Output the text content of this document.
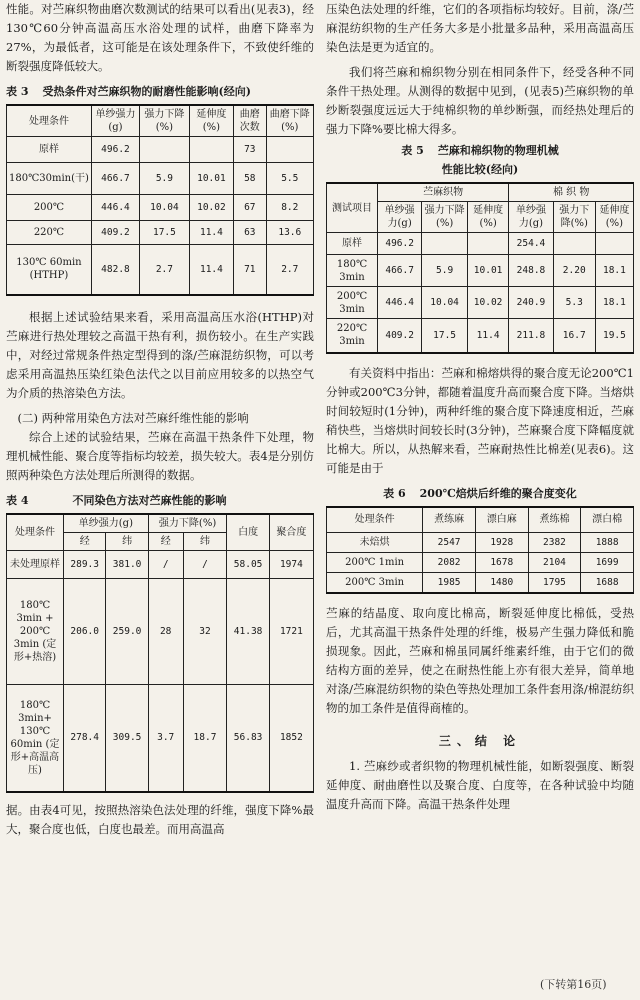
性能。对苎麻织物曲磨次数测试的结果可以看出(见表3)，经130℃60分钟高温高压水浴处理的试样，曲磨下降率为27%，为最低者，这可能是在该处理条件下，不致使纤维的断裂强度降低较大。

表 3 受热条件对苎麻织物的耐磨性能影响(经向)
处理条件	单纱强力(g)	强力下降(%)	延伸度(%)	曲磨次数	曲磨下降(%)
原样	496.2			73	
180℃30min(干)	466.7	5.9	10.01	58	5.5
200℃	446.4	10.04	10.02	67	8.2
220℃	409.2	17.5	11.4	63	13.6
130℃ 60min (HTHP)	482.8	2.7	11.4	71	2.7

根据上述试验结果来看，采用高温高压水浴(HTHP)对苎麻进行热处理较之高温干热有利，损伤较小。在生产实践中，对经过常规条件热定型得到的涤/苎麻混纺织物，可以考虑采用高温热压染红染色法代之以目前应用较多的以热空气为介质的热溶染色方法。

(二) 两种常用染色方法对苎麻纤维性能的影响

综合上述的试验结果，苎麻在高温干热条件下处理，物理机械性能、聚合度等指标均较差，损失较大。表4是分别仿照两种染色方法处理后所测得的数据。

表 4	不同染色方法对苎麻性能的影响
处理条件	单纱强力(g)		强力下降(%)		白度	聚合度
	经	纬	经	纬		
未处理原样	289.3	381.0	/	/	58.05	1974
180℃ 3min + 200℃ 3min (定形+热溶)	206.0	259.0	28	32	41.38	1721
180℃ 3min+ 130℃ 60min (定形+高温高压)	278.4	309.5	3.7	18.7	56.83	1852

据。由表4可见，按照热溶染色法处理的纤维，强度下降%最大，聚合度也低，白度也最差。而用高温高

压染色法处理的纤维，它们的各项指标均较好。目前，涤/苎麻混纺织物的生产任务大多是小批量多品种，采用高温高压染色法是更为适宜的。

我们将苎麻和棉织物分别在相同条件下，经受各种不同条件干热处理。从测得的数据中见到，(见表5)苎麻织物的单纱断裂强度远远大于纯棉织物的单纱断强，而经热处理后的强力下降%要比棉大得多。

表 5 苎麻和棉织物的物理机械
性能比较(经向)
测试项目	苎麻织物			棉 织 物		
	单纱强力(g)	强力下降(%)	延伸度(%)	单纱强力(g)	强力下降(%)	延伸度(%)
原样	496.2			254.4		
180℃ 3min	466.7	5.9	10.01	248.8	2.20	18.1
200℃ 3min	446.4	10.04	10.02	240.9	5.3	18.1
220℃ 3min	409.2	17.5	11.4	211.8	16.7	19.5

有关资料中指出：苎麻和棉熔烘得的聚合度无论200℃1分钟或200℃3分钟，都随着温度升高而聚合度下降。当熔烘时间较短时(1分钟)，两种纤维的聚合度下降速度相近，苎麻稍快些，当熔烘时间较长时(3分钟)，苎麻聚合度下降幅度就比棉大。所以，从热解来看，苎麻耐热性比棉差(见表6)。这可能是由于

表 6 200℃焙烘后纤维的聚合度变化
处理条件	煮练麻	漂白麻	煮练棉	漂白棉
未焙烘	2547	1928	2382	1888
200℃ 1min	2082	1678	2104	1699
200℃ 3min	1985	1480	1795	1688

苎麻的结晶度、取向度比棉高，断裂延伸度比棉低，受热后，尤其高温干热条件处理的纤维，极易产生强力降低和脆损现象。因此，苎麻和棉虽同属纤维素纤维，由于它们的微结构方面的差异，使之在耐热性能上亦有很大差异，简单地对涤/苎麻混纺织物的染色等热处理加工条件套用涤/棉混纺织物的加工条件是值得商榷的。

三、结 论

1. 苎麻纱或者织物的物理机械性能，如断裂强度、断裂延伸度、耐曲磨性以及聚合度、白度等，在各种试验中均随温度升高而下降。高温干热条件处理

(下转第16页)
